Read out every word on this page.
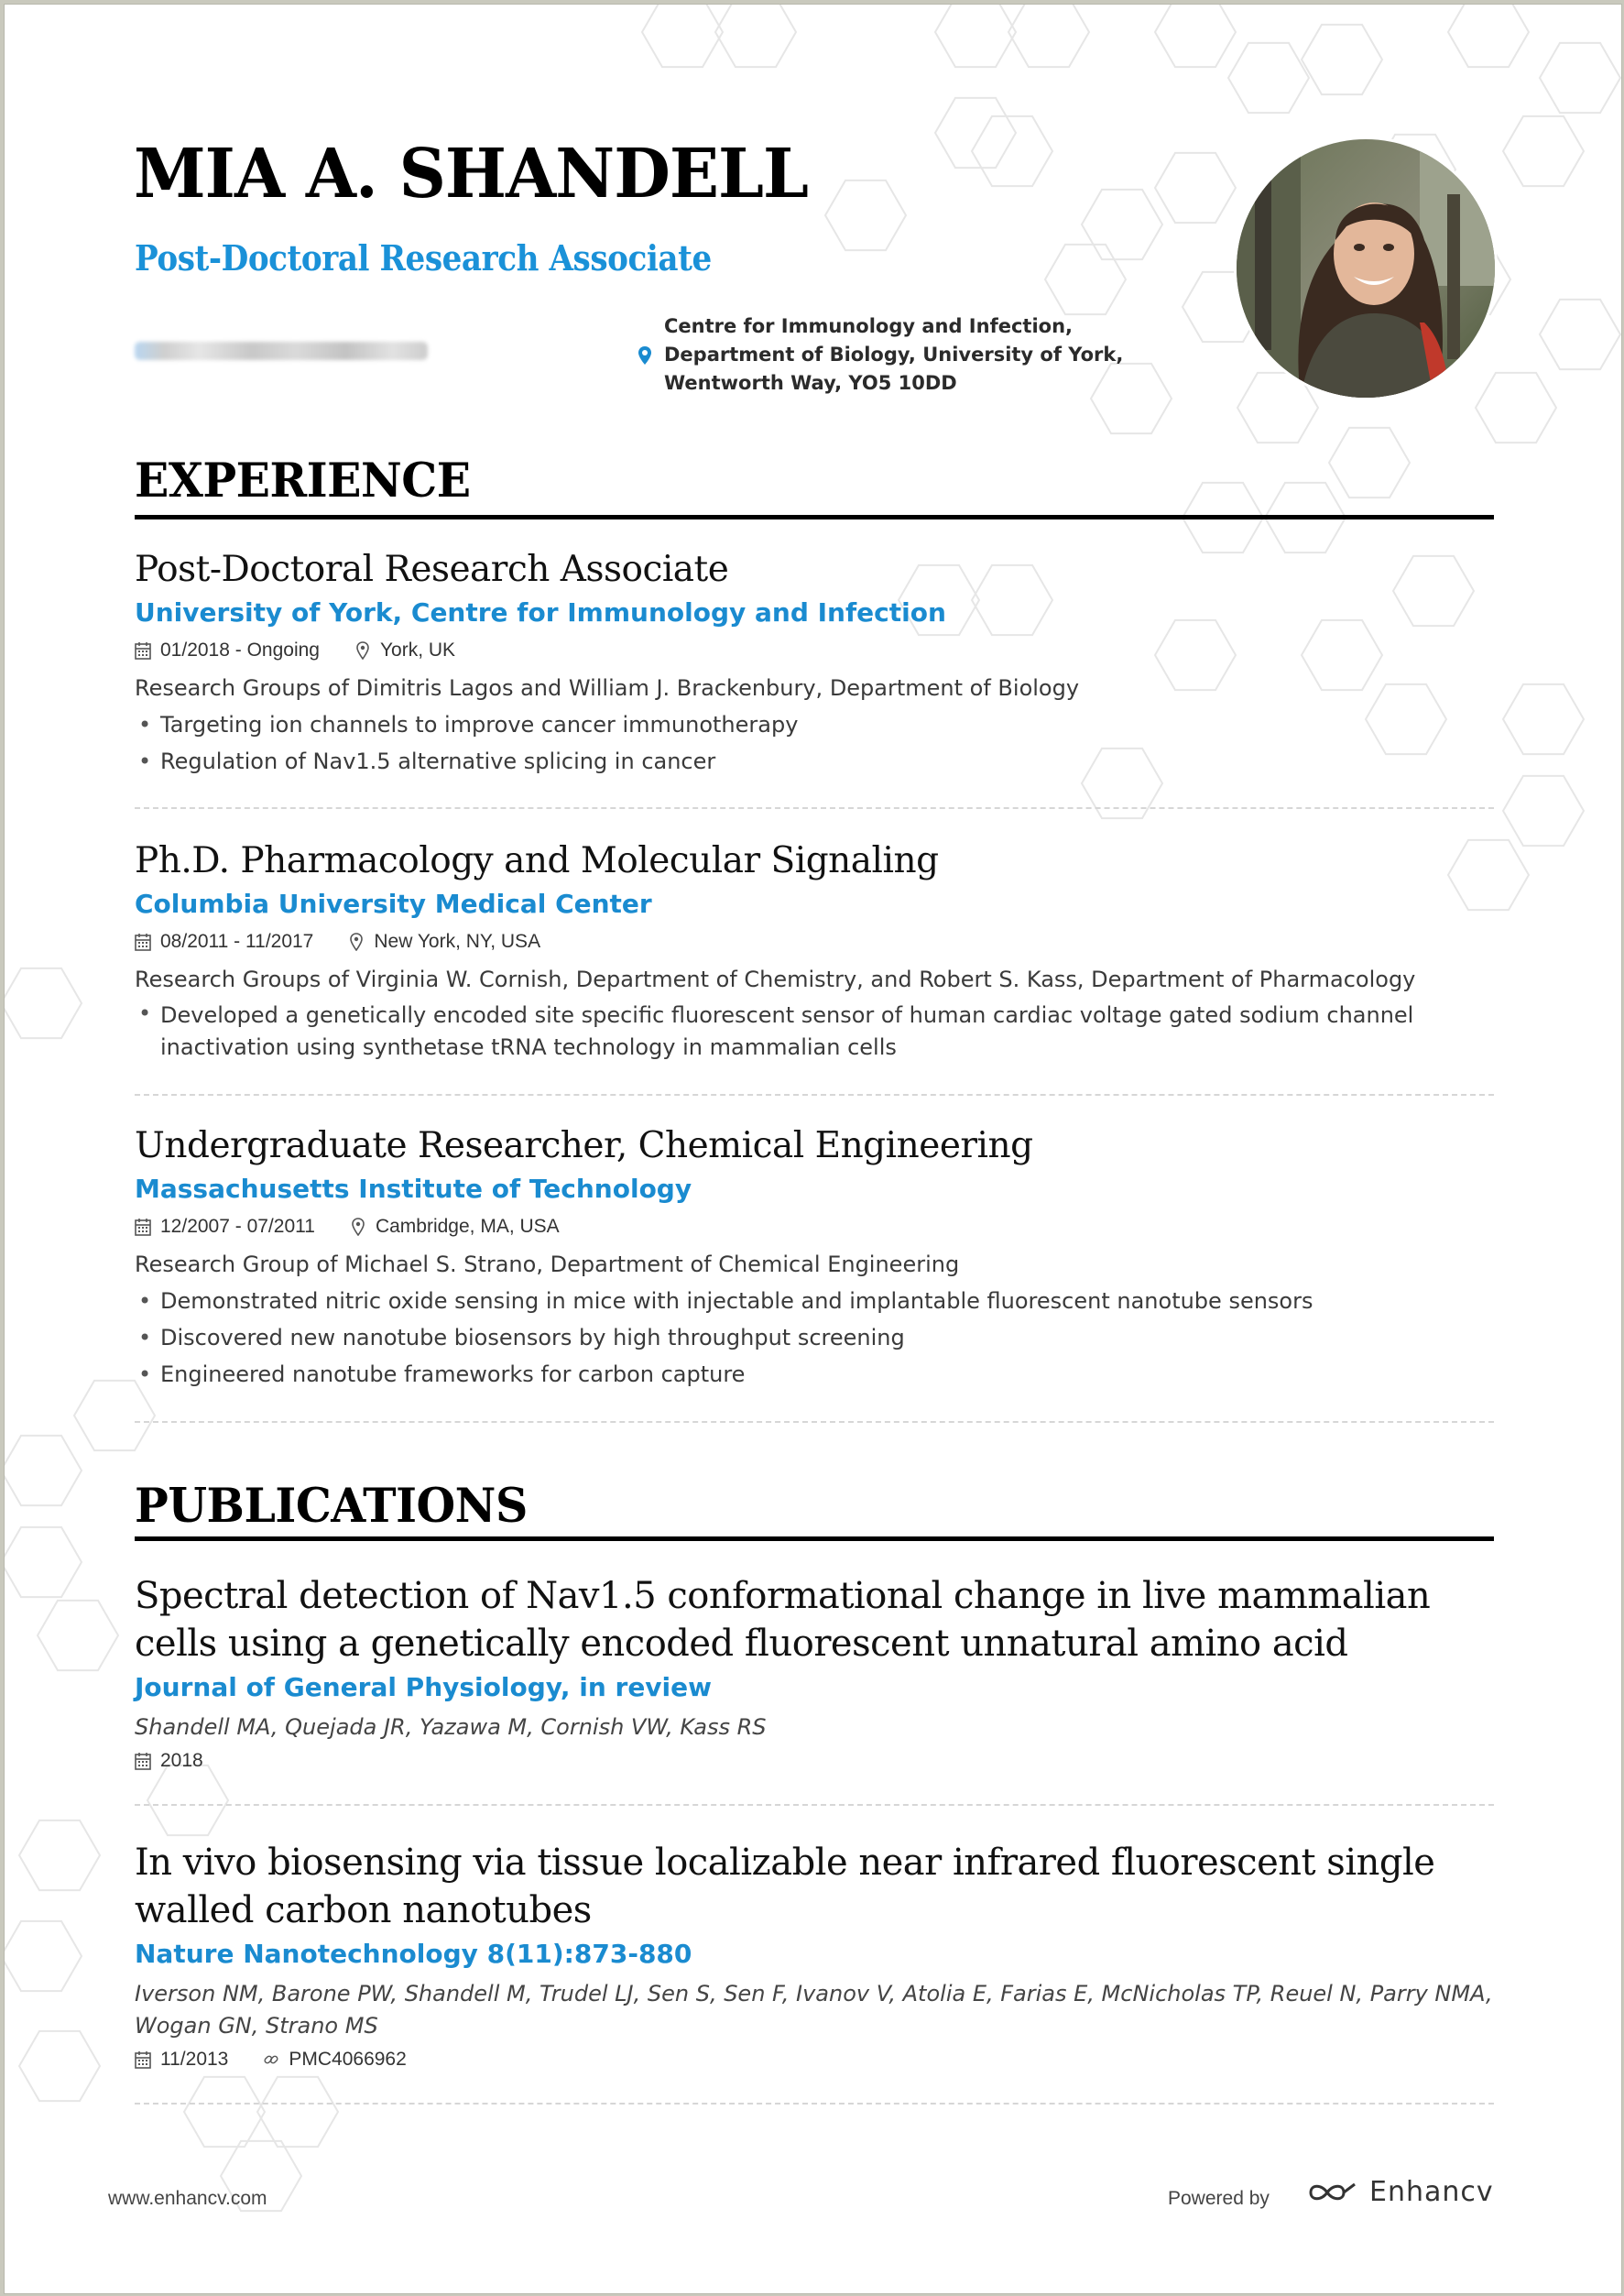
MIA A. SHANDELL
Post-Doctoral Research Associate
Centre for Immunology and Infection,
Department of Biology, University of York,
Wentworth Way, YO5 10DD
EXPERIENCE
Post-Doctoral Research Associate
University of York, Centre for Immunology and Infection
01/2018 - Ongoing	York, UK
Research Groups of Dimitris Lagos and William J. Brackenbury, Department of Biology
• Targeting ion channels to improve cancer immunotherapy
• Regulation of Nav1.5 alternative splicing in cancer
Ph.D. Pharmacology and Molecular Signaling
Columbia University Medical Center
08/2011 - 11/2017	New York, NY, USA
Research Groups of Virginia W. Cornish, Department of Chemistry, and Robert S. Kass, Department of Pharmacology
• Developed a genetically encoded site specific fluorescent sensor of human cardiac voltage gated sodium channel inactivation using synthetase tRNA technology in mammalian cells
Undergraduate Researcher, Chemical Engineering
Massachusetts Institute of Technology
12/2007 - 07/2011	Cambridge, MA, USA
Research Group of Michael S. Strano, Department of Chemical Engineering
• Demonstrated nitric oxide sensing in mice with injectable and implantable fluorescent nanotube sensors
• Discovered new nanotube biosensors by high throughput screening
• Engineered nanotube frameworks for carbon capture
PUBLICATIONS
Spectral detection of Nav1.5 conformational change in live mammalian cells using a genetically encoded fluorescent unnatural amino acid
Journal of General Physiology, in review
Shandell MA, Quejada JR, Yazawa M, Cornish VW, Kass RS
2018
In vivo biosensing via tissue localizable near infrared fluorescent single walled carbon nanotubes
Nature Nanotechnology 8(11):873-880
Iverson NM, Barone PW, Shandell M, Trudel LJ, Sen S, Sen F, Ivanov V, Atolia E, Farias E, McNicholas TP, Reuel N, Parry NMA, Wogan GN, Strano MS
11/2013	PMC4066962
www.enhancv.com	Powered by	Enhancv
